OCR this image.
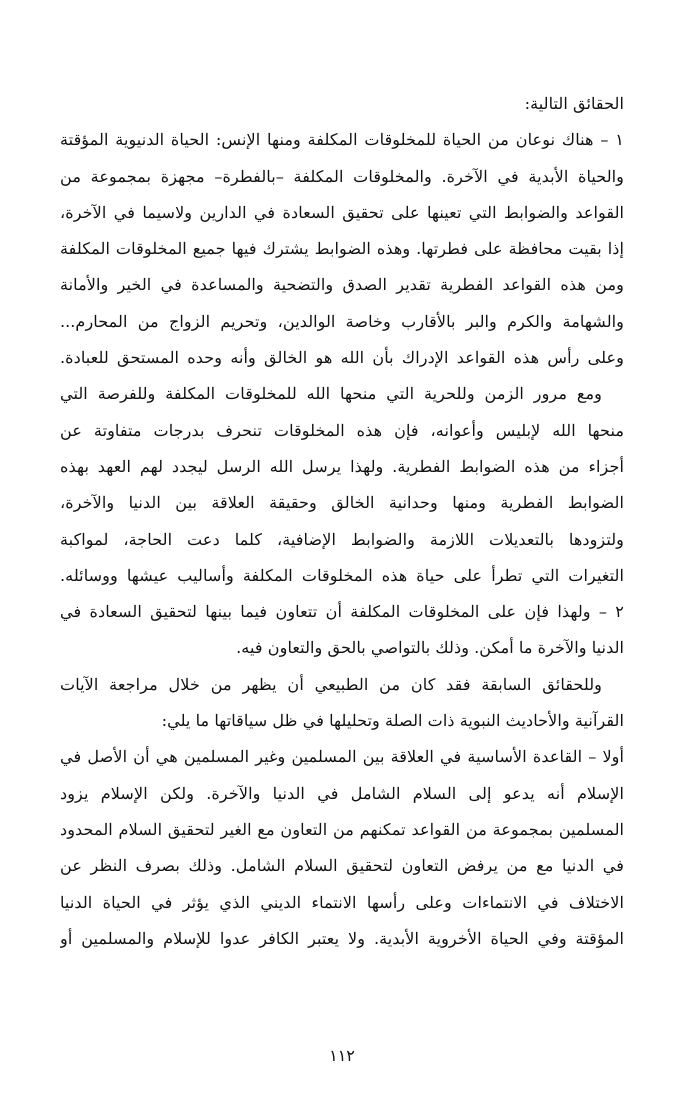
الحقائق التالية:
١ – هناك نوعان من الحياة للمخلوقات المكلفة ومنها الإنس: الحياة الدنيوية المؤقتة
والحياة الأبدية في الآخرة. والمخلوقات المكلفة –بالفطرة– مجهزة بمجموعة من
القواعد والضوابط التي تعينها على تحقيق السعادة في الدارين ولاسيما في الآخرة،
إذا بقيت محافظة على فطرتها. وهذه الضوابط يشترك فيها جميع المخلوقات المكلفة
ومن هذه القواعد الفطرية تقدير الصدق والتضحية والمساعدة في الخير والأمانة
والشهامة والكرم والبر بالأقارب وخاصة الوالدين، وتحريم الزواج من المحارم...
وعلى رأس هذه القواعد الإدراك بأن الله هو الخالق وأنه وحده المستحق للعبادة.
ومع مرور الزمن وللحرية التي منحها الله للمخلوقات المكلفة وللفرصة التي
منحها الله لإبليس وأعوانه، فإن هذه المخلوقات تنحرف بدرجات متفاوتة عن
أجزاء من هذه الضوابط الفطرية. ولهذا يرسل الله الرسل ليجدد لهم العهد بهذه
الضوابط الفطرية ومنها وحدانية الخالق وحقيقة العلاقة بين الدنيا والآخرة،
ولتزودها بالتعديلات اللازمة والضوابط الإضافية، كلما دعت الحاجة، لمواكبة
التغيرات التي تطرأ على حياة هذه المخلوقات المكلفة وأساليب عيشها ووسائله.
٢ – ولهذا فإن على المخلوقات المكلفة أن تتعاون فيما بينها لتحقيق السعادة في
الدنيا والآخرة ما أمكن. وذلك بالتواصي بالحق والتعاون فيه.
وللحقائق السابقة فقد كان من الطبيعي أن يظهر من خلال مراجعة الآيات
القرآنية والأحاديث النبوية ذات الصلة وتحليلها في ظل سياقاتها ما يلي:
أولا – القاعدة الأساسية في العلاقة بين المسلمين وغير المسلمين هي أن الأصل في
الإسلام أنه يدعو إلى السلام الشامل في الدنيا والآخرة. ولكن الإسلام يزود
المسلمين بمجموعة من القواعد تمكنهم من التعاون مع الغير لتحقيق السلام المحدود
في الدنيا مع من يرفض التعاون لتحقيق السلام الشامل. وذلك بصرف النظر عن
الاختلاف في الانتماءات وعلى رأسها الانتماء الديني الذي يؤثر في الحياة الدنيا
المؤقتة وفي الحياة الأخروية الأبدية. ولا يعتبر الكافر عدوا للإسلام والمسلمين أو
١١٢
